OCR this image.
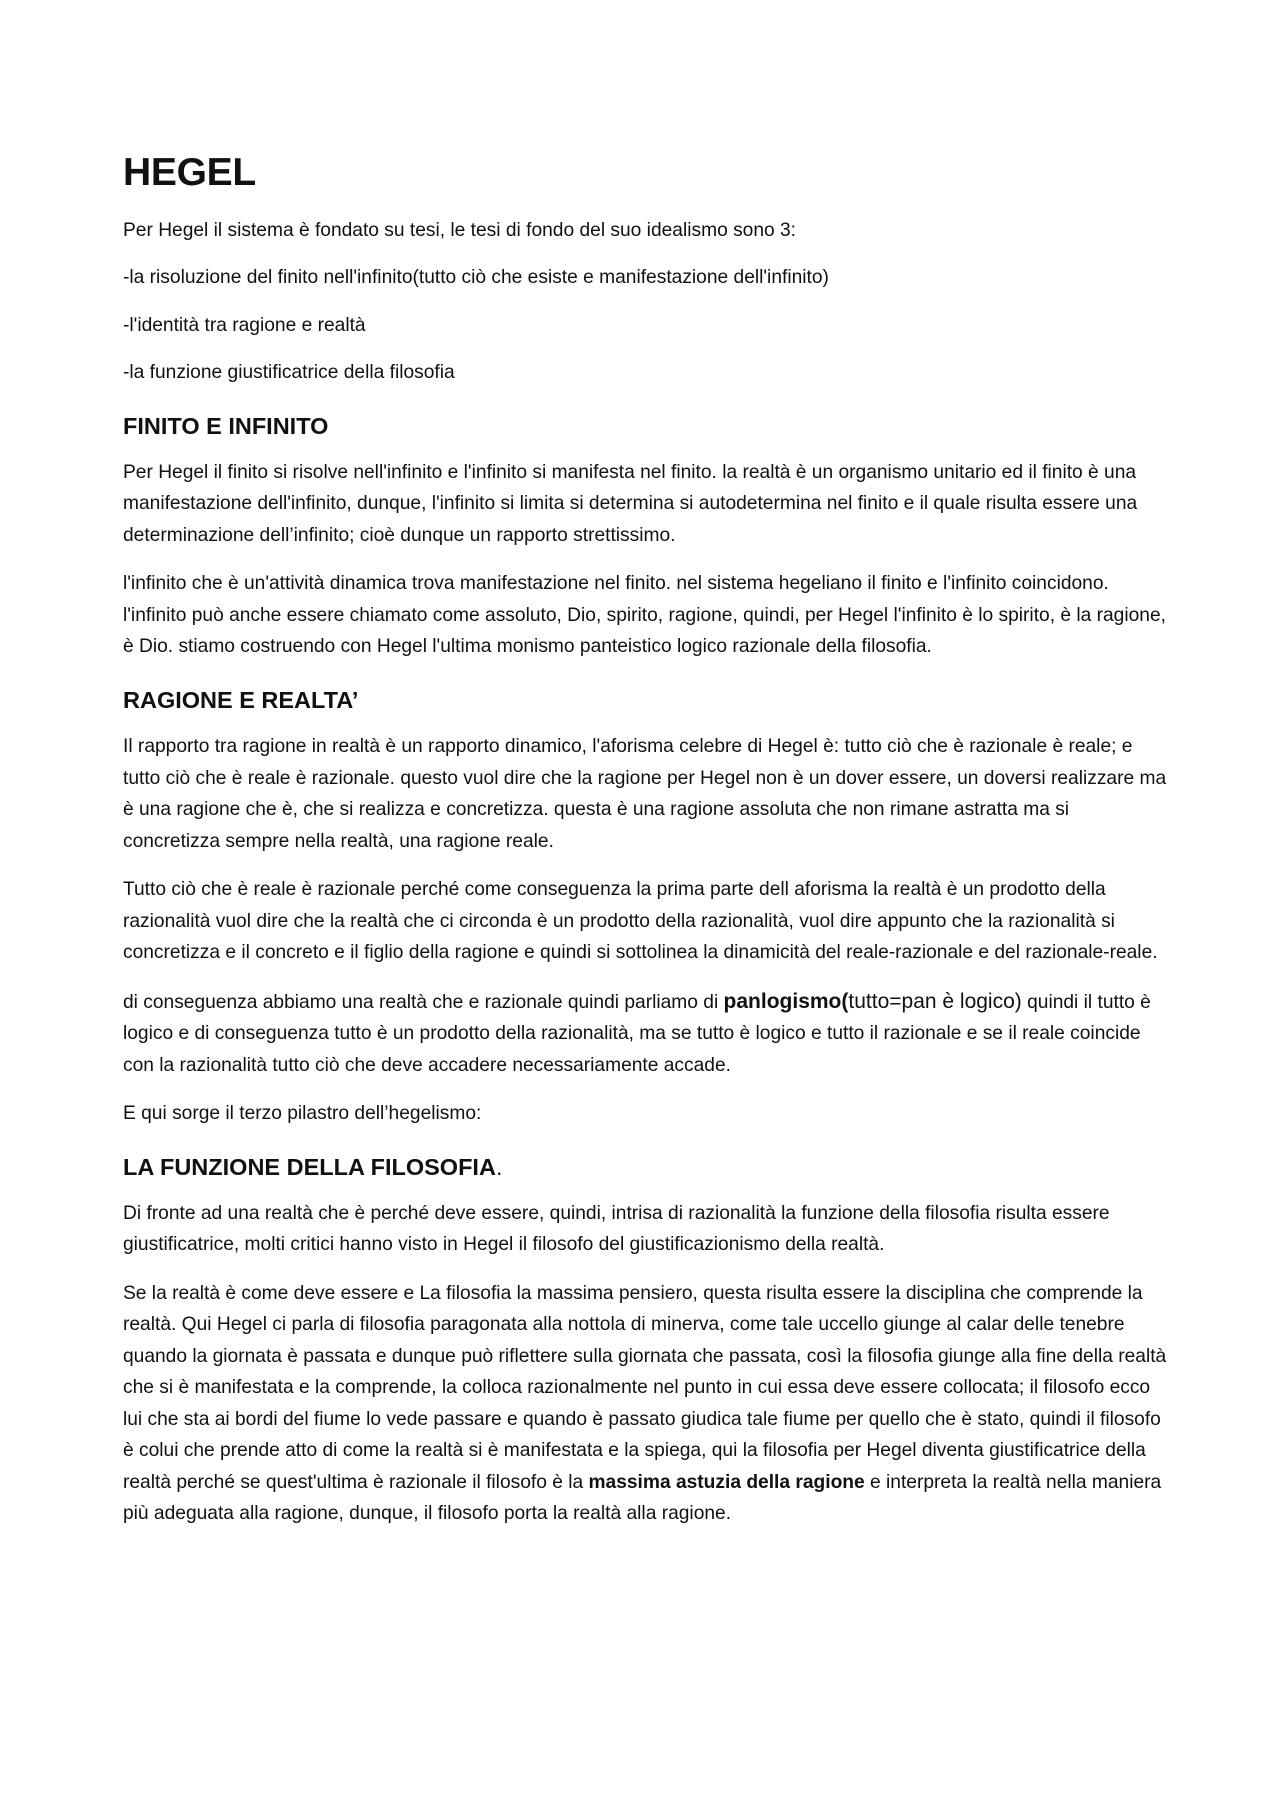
HEGEL

Per Hegel il sistema è fondato su tesi, le tesi di fondo del suo idealismo sono 3:

-la risoluzione del finito nell'infinito(tutto ciò che esiste e manifestazione dell'infinito)

-l'identità tra ragione e realtà

-la funzione giustificatrice della filosofia

FINITO E INFINITO

Per Hegel il finito si risolve nell'infinito e l'infinito si manifesta nel finito. la realtà è un organismo unitario ed il finito è una manifestazione dell'infinito, dunque, l'infinito si limita si determina si autodetermina nel finito e il quale risulta essere una determinazione dell’infinito; cioè dunque un rapporto strettissimo.

l'infinito che è un'attività dinamica trova manifestazione nel finito. nel sistema hegeliano il finito e l'infinito coincidono. l'infinito può anche essere chiamato come assoluto, Dio, spirito, ragione, quindi, per Hegel l'infinito è lo spirito, è la ragione, è Dio. stiamo costruendo con Hegel l'ultima monismo panteistico logico razionale della filosofia.

RAGIONE E REALTA’

Il rapporto tra ragione in realtà è un rapporto dinamico, l'aforisma celebre di Hegel è: tutto ciò che è razionale è reale; e tutto ciò che è reale è razionale. questo vuol dire che la ragione per Hegel non è un dover essere, un doversi realizzare ma è una ragione che è, che si realizza e concretizza. questa è una ragione assoluta che non rimane astratta ma si concretizza sempre nella realtà, una ragione reale.

Tutto ciò che è reale è razionale perché come conseguenza la prima parte dell aforisma la realtà è un prodotto della razionalità vuol dire che la realtà che ci circonda è un prodotto della razionalità, vuol dire appunto che la razionalità si concretizza e il concreto e il figlio della ragione e quindi si sottolinea la dinamicità del reale-razionale e del razionale-reale.

di conseguenza abbiamo una realtà che e razionale quindi parliamo di panlogismo(tutto=pan è logico) quindi il tutto è logico e di conseguenza tutto è un prodotto della razionalità, ma se tutto è logico e tutto il razionale e se il reale coincide con la razionalità tutto ciò che deve accadere necessariamente accade.

E qui sorge il terzo pilastro dell’hegelismo:

LA FUNZIONE DELLA FILOSOFIA.

Di fronte ad una realtà che è perché deve essere, quindi, intrisa di razionalità la funzione della filosofia risulta essere giustificatrice, molti critici hanno visto in Hegel il filosofo del giustificazionismo della realtà.

Se la realtà è come deve essere e La filosofia la massima pensiero, questa risulta essere la disciplina che comprende la realtà. Qui Hegel ci parla di filosofia paragonata alla nottola di minerva, come tale uccello giunge al calar delle tenebre quando la giornata è passata e dunque può riflettere sulla giornata che passata, così la filosofia giunge alla fine della realtà che si è manifestata e la comprende, la colloca razionalmente nel punto in cui essa deve essere collocata; il filosofo ecco lui che sta ai bordi del fiume lo vede passare e quando è passato giudica tale fiume per quello che è stato, quindi il filosofo è colui che prende atto di come la realtà si è manifestata e la spiega, qui la filosofia per Hegel diventa giustificatrice della realtà perché se quest'ultima è razionale il filosofo è la massima astuzia della ragione e interpreta la realtà nella maniera più adeguata alla ragione, dunque, il filosofo porta la realtà alla ragione.
